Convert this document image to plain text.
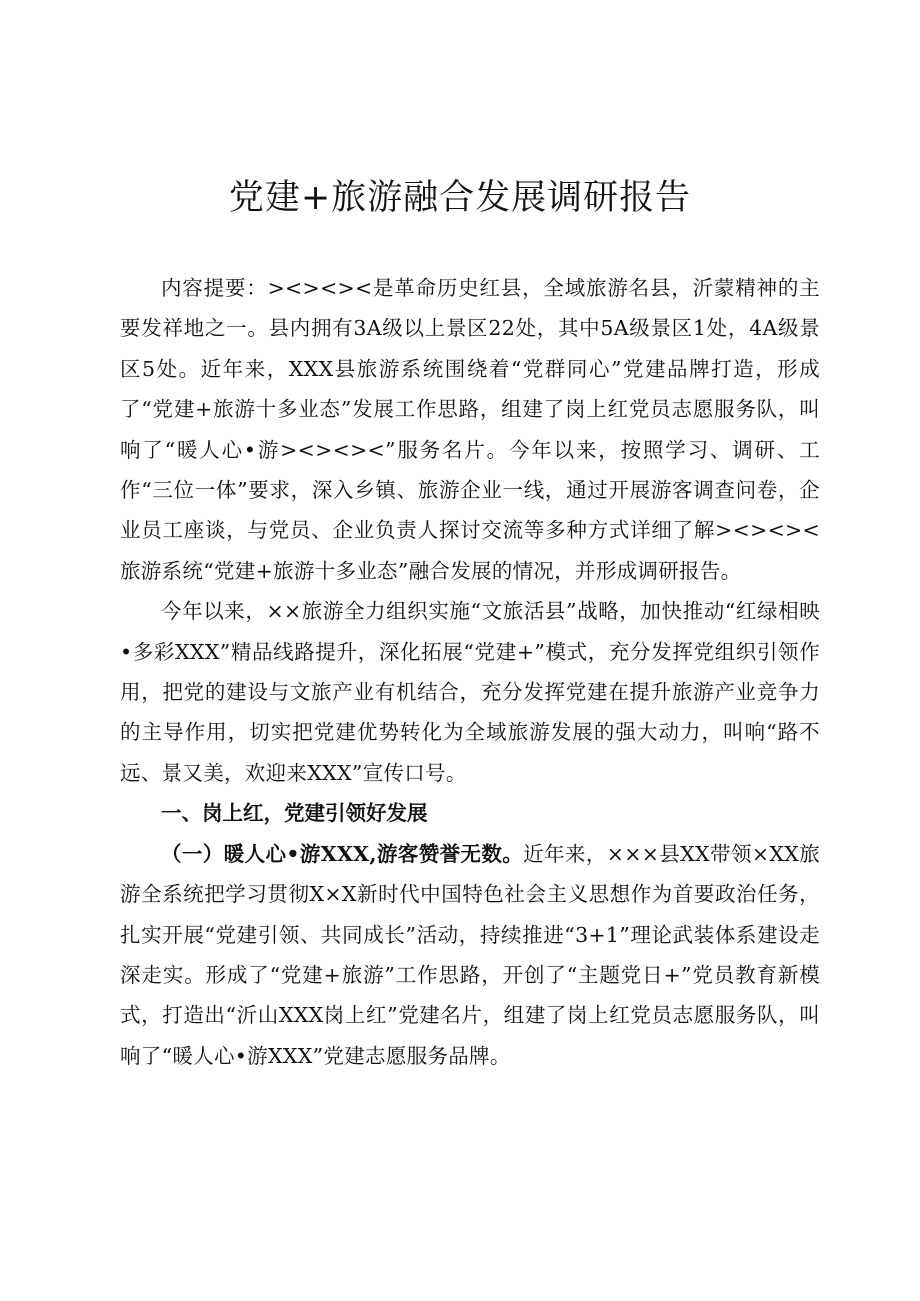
党建+旅游融合发展调研报告

内容提要：><><><是革命历史红县，全域旅游名县，沂蒙精神的主要发祥地之一。县内拥有3A级以上景区22处，其中5A级景区1处，4A级景区5处。近年来，XXX县旅游系统围绕着“党群同心”党建品牌打造，形成了“党建+旅游十多业态”发展工作思路，组建了岗上红党员志愿服务队，叫响了“暖人心•游><><><”服务名片。今年以来，按照学习、调研、工作“三位一体”要求，深入乡镇、旅游企业一线，通过开展游客调查问卷，企业员工座谈，与党员、企业负责人探讨交流等多种方式详细了解><><><旅游系统“党建+旅游十多业态”融合发展的情况，并形成调研报告。

今年以来，××旅游全力组织实施“文旅活县”战略，加快推动“红绿相映•多彩XXX”精品线路提升，深化拓展“党建+”模式，充分发挥党组织引领作用，把党的建设与文旅产业有机结合，充分发挥党建在提升旅游产业竞争力的主导作用，切实把党建优势转化为全域旅游发展的强大动力，叫响“路不远、景又美，欢迎来XXX”宣传口号。

一、岗上红，党建引领好发展

（一）暖人心•游XXX,游客赞誉无数。近年来，×××县XX带领×XX旅游全系统把学习贯彻X×X新时代中国特色社会主义思想作为首要政治任务，扎实开展“党建引领、共同成长”活动，持续推进“3+1”理论武装体系建设走深走实。形成了“党建+旅游”工作思路，开创了“主题党日+”党员教育新模式，打造出“沂山XXX岗上红”党建名片，组建了岗上红党员志愿服务队，叫响了“暖人心•游XXX”党建志愿服务品牌。
